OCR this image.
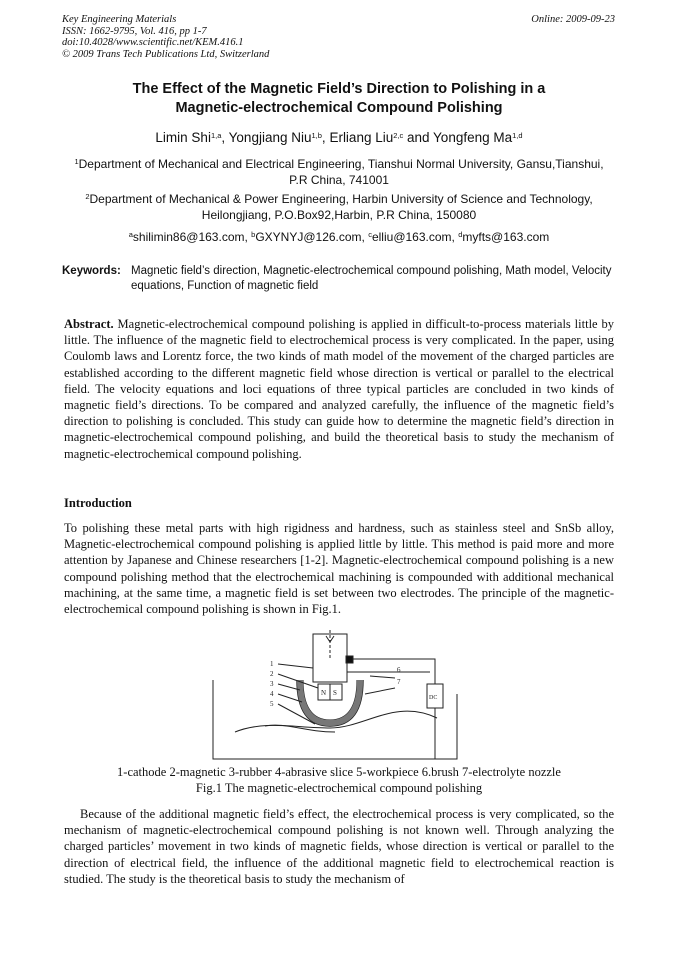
Key Engineering Materials
ISSN: 1662-9795, Vol. 416, pp 1-7
doi:10.4028/www.scientific.net/KEM.416.1
© 2009 Trans Tech Publications Ltd, Switzerland
Online: 2009-09-23
The Effect of the Magnetic Field’s Direction to Polishing in a
Magnetic-electrochemical Compound Polishing
Limin Shi$^{1,a}$, Yongjiang Niu$^{1,b}$, Erliang Liu$^{2,c}$ and Yongfeng Ma$^{1,d}$
$^1$Department of Mechanical and Electrical Engineering, Tianshui Normal University, Gansu,Tianshui,
P.R China, 741001
$^2$Department of Mechanical & Power Engineering, Harbin University of Science and Technology,
Heilongjiang, P.O.Box92,Harbin, P.R China, 150080
$^a$shilimin86@163.com, $^b$GXYNYJ@126.com, $^c$elliu@163.com, $^d$myfts@163.com
Keywords: Magnetic field’s direction, Magnetic-electrochemical compound polishing, Math model, Velocity equations, Function of magnetic field
Abstract. Magnetic-electrochemical compound polishing is applied in difficult-to-process materials little by little. The influence of the magnetic field to electrochemical process is very complicated. In the paper, using Coulomb laws and Lorentz force, the two kinds of math model of the movement of the charged particles are established according to the different magnetic field whose direction is vertical or parallel to the electrical field. The velocity equations and loci equations of three typical particles are concluded in two kinds of magnetic field’s directions. To be compared and analyzed carefully, the influence of the magnetic field’s direction to polishing is concluded. This study can guide how to determine the magnetic field’s direction in magnetic-electrochemical compound polishing, and build the theoretical basis to study the mechanism of magnetic-electrochemical compound polishing.
Introduction
To polishing these metal parts with high rigidness and hardness, such as stainless steel and SnSb alloy, Magnetic-electrochemical compound polishing is applied little by little. This method is paid more and more attention by Japanese and Chinese researchers [1-2]. Magnetic-electrochemical compound polishing is a new compound polishing method that the electrochemical machining is compounded with additional mechanical machining, at the same time, a magnetic field is set between two electrodes. The principle of the magnetic-electrochemical compound polishing is shown in Fig.1.
1
2
3
4
5
6
7
N S
DC
1-cathode 2-magnetic 3-rubber 4-abrasive slice 5-workpiece 6.brush 7-electrolyte nozzle
Fig.1 The magnetic-electrochemical compound polishing
Because of the additional magnetic field’s effect, the electrochemical process is very complicated, so the mechanism of magnetic-electrochemical compound polishing is not known well. Through analyzing the charged particles’ movement in two kinds of magnetic fields, whose direction is vertical or parallel to the direction of electrical field, the influence of the additional magnetic field to electrochemical reaction is studied. The study is the theoretical basis to study the mechanism of
